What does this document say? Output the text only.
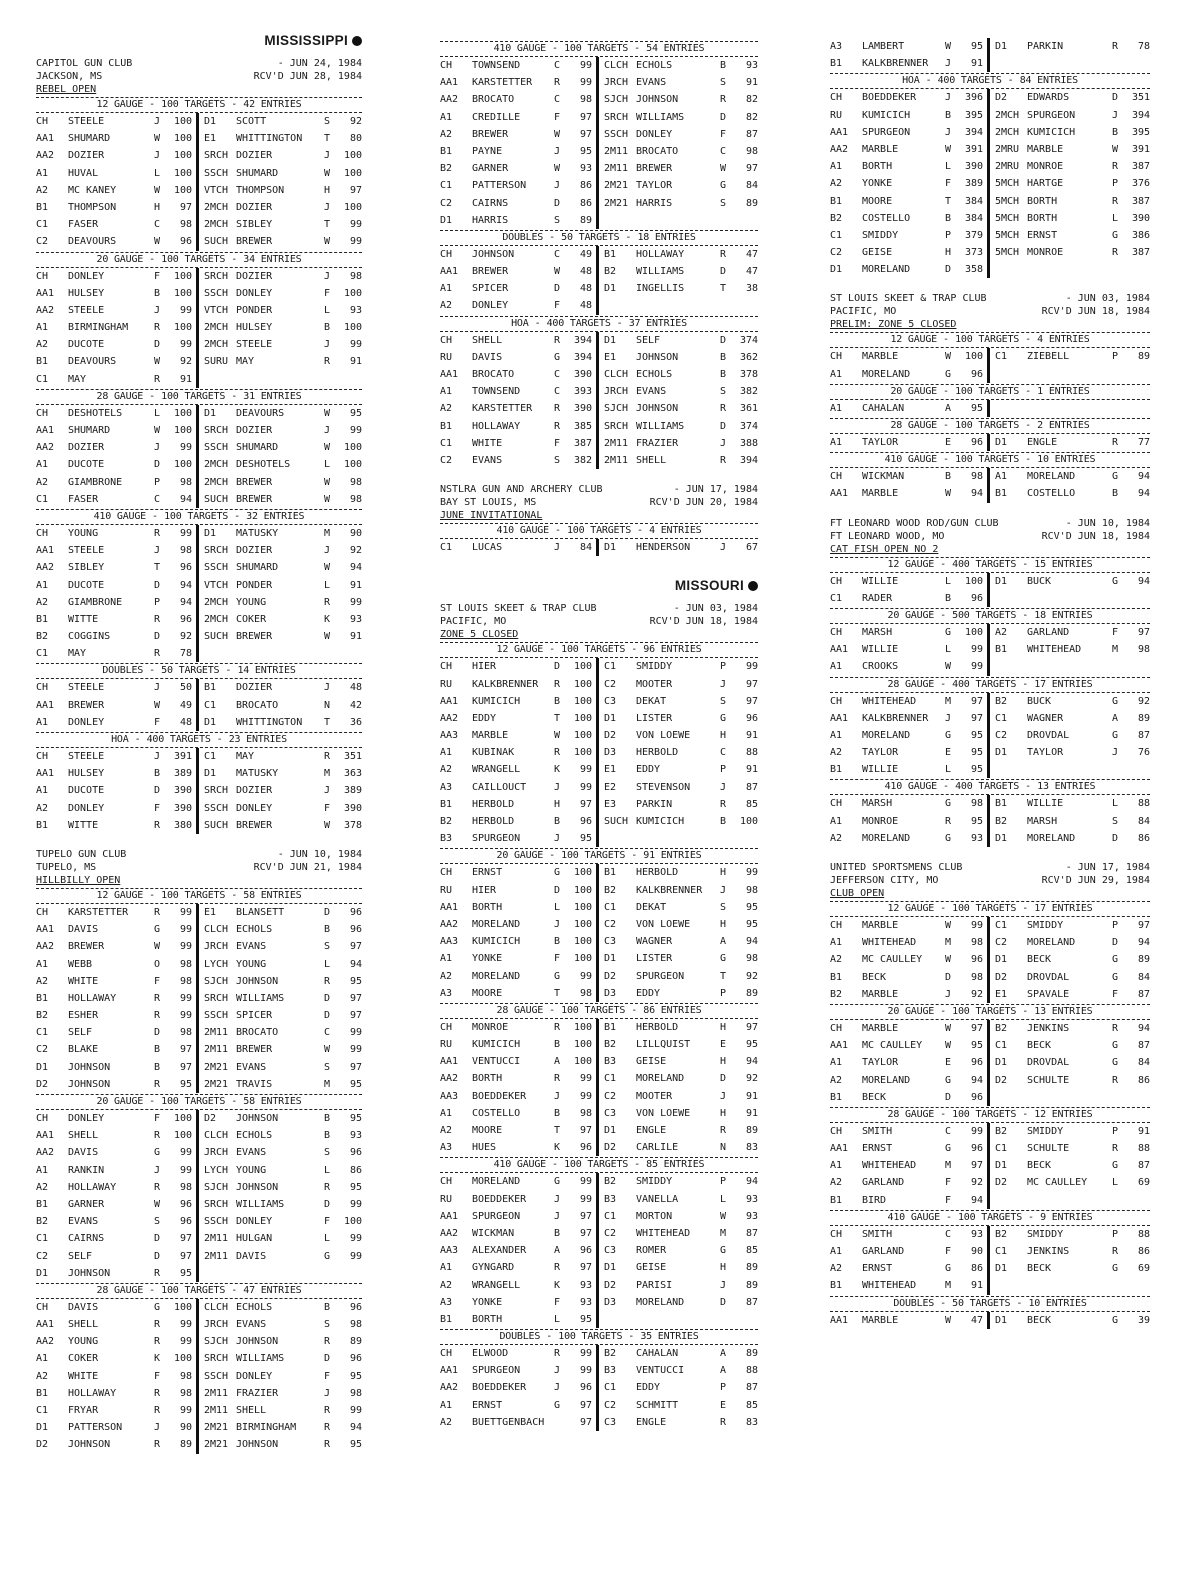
MISSISSIPPI
CAPITOL GUN CLUB	- JUN 24, 1984
JACKSON, MS	RCV'D JUN 28, 1984
REBEL OPEN
12 GAUGE - 100 TARGETS - 42 ENTRIES
CH	STEELE	J	100 D1	SCOTT	S	92
AA1	SHUMARD	W	100 E1	WHITTINGTON	T	80
AA2	DOZIER	J	100 SRCH DOZIER	J	100
A1	HUVAL	L	100 SSCH SHUMARD	W	100
A2	MC KANEY	W	100 VTCH THOMPSON	H	97
B1	THOMPSON	H	97 2MCH DOZIER	J	100
C1	FASER	C	98 2MCH SIBLEY	T	99
C2	DEAVOURS	W	96 SUCH BREWER	W	99
20 GAUGE - 100 TARGETS - 34 ENTRIES
CH	DONLEY	F	100 SRCH DOZIER	J	98
AA1	HULSEY	B	100 SSCH DONLEY	F	100
AA2	STEELE	J	99 VTCH PONDER	L	93
A1	BIRMINGHAM	R	100 2MCH HULSEY	B	100
A2	DUCOTE	D	99 2MCH STEELE	J	99
B1	DEAVOURS	W	92 SURU MAY	R	91
C1	MAY	R	91
28 GAUGE - 100 TARGETS - 31 ENTRIES
CH	DESHOTELS	L	100 D1	DEAVOURS	W	95
AA1	SHUMARD	W	100 SRCH DOZIER	J	99
AA2	DOZIER	J	99 SSCH SHUMARD	W	100
A1	DUCOTE	D	100 2MCH DESHOTELS	L	100
A2	GIAMBRONE	P	98 2MCH BREWER	W	98
C1	FASER	C	94 SUCH BREWER	W	98
410 GAUGE - 100 TARGETS - 32 ENTRIES
CH	YOUNG	R	99 D1	MATUSKY	M	90
AA1	STEELE	J	98 SRCH DOZIER	J	92
AA2	SIBLEY	T	96 SSCH SHUMARD	W	94
A1	DUCOTE	D	94 VTCH PONDER	L	91
A2	GIAMBRONE	P	94 2MCH YOUNG	R	99
B1	WITTE	R	96 2MCH COKER	K	93
B2	COGGINS	D	92 SUCH BREWER	W	91
C1	MAY	R	78
DOUBLES - 50 TARGETS - 14 ENTRIES
CH	STEELE	J	50 B1	DOZIER	J	48
AA1	BREWER	W	49 C1	BROCATO	N	42
A1	DONLEY	F	48 D1	WHITTINGTON	T	36
HOA - 400 TARGETS - 23 ENTRIES
CH	STEELE	J	391 C1	MAY	R	351
AA1	HULSEY	B	389 D1	MATUSKY	M	363
A1	DUCOTE	D	390 SRCH DOZIER	J	389
A2	DONLEY	F	390 SSCH DONLEY	F	390
B1	WITTE	R	380 SUCH BREWER	W	378
TUPELO GUN CLUB	- JUN 10, 1984
TUPELO, MS	RCV'D JUN 21, 1984
HILLBILLY OPEN
12 GAUGE - 100 TARGETS - 58 ENTRIES
CH	KARSTETTER	R	99 E1	BLANSETT	D	96
AA1	DAVIS	G	99 CLCH ECHOLS	B	96
AA2	BREWER	W	99 JRCH EVANS	S	97
A1	WEBB	O	98 LYCH YOUNG	L	94
A2	WHITE	F	98 SJCH JOHNSON	R	95
B1	HOLLAWAY	R	99 SRCH WILLIAMS	D	97
B2	ESHER	R	99 SSCH SPICER	D	97
C1	SELF	D	98 2M11 BROCATO	C	99
C2	BLAKE	B	97 2M11 BREWER	W	99
D1	JOHNSON	B	97 2M21 EVANS	S	97
D2	JOHNSON	R	95 2M21 TRAVIS	M	95
20 GAUGE - 100 TARGETS - 58 ENTRIES
CH	DONLEY	F	100 D2	JOHNSON	B	95
AA1	SHELL	R	100 CLCH ECHOLS	B	93
AA2	DAVIS	G	99 JRCH EVANS	S	96
A1	RANKIN	J	99 LYCH YOUNG	L	86
A2	HOLLAWAY	R	98 SJCH JOHNSON	R	95
B1	GARNER	W	96 SRCH WILLIAMS	D	99
B2	EVANS	S	96 SSCH DONLEY	F	100
C1	CAIRNS	D	97 2M11 HULGAN	L	99
C2	SELF	D	97 2M11 DAVIS	G	99
D1	JOHNSON	R	95
28 GAUGE - 100 TARGETS - 47 ENTRIES
CH	DAVIS	G	100 CLCH ECHOLS	B	96
AA1	SHELL	R	99 JRCH EVANS	S	98
AA2	YOUNG	R	99 SJCH JOHNSON	R	89
A1	COKER	K	100 SRCH WILLIAMS	D	96
A2	WHITE	F	98 SSCH DONLEY	F	95
B1	HOLLAWAY	R	98 2M11 FRAZIER	J	98
C1	FRYAR	R	99 2M11 SHELL	R	99
D1	PATTERSON	J	90 2M21 BIRMINGHAM	R	94
D2	JOHNSON	R	89 2M21 JOHNSON	R	95
410 GAUGE - 100 TARGETS - 54 ENTRIES
CH	TOWNSEND	C	99 CLCH ECHOLS	B	93
AA1	KARSTETTER	R	99 JRCH EVANS	S	91
AA2	BROCATO	C	98 SJCH JOHNSON	R	82
A1	CREDILLE	F	97 SRCH WILLIAMS	D	82
A2	BREWER	W	97 SSCH DONLEY	F	87
B1	PAYNE	J	95 2M11 BROCATO	C	98
B2	GARNER	W	93 2M11 BREWER	W	97
C1	PATTERSON	J	86 2M21 TAYLOR	G	84
C2	CAIRNS	D	86 2M21 HARRIS	S	89
D1	HARRIS	S	89
DOUBLES - 50 TARGETS - 18 ENTRIES
CH	JOHNSON	C	49 B1	HOLLAWAY	R	47
AA1	BREWER	W	48 B2	WILLIAMS	D	47
A1	SPICER	D	48 D1	INGELLIS	T	38
A2	DONLEY	F	48
HOA - 400 TARGETS - 37 ENTRIES
CH	SHELL	R	394 D1	SELF	D	374
RU	DAVIS	G	394 E1	JOHNSON	B	362
AA1	BROCATO	C	390 CLCH ECHOLS	B	378
A1	TOWNSEND	C	393 JRCH EVANS	S	382
A2	KARSTETTER	R	390 SJCH JOHNSON	R	361
B1	HOLLAWAY	R	385 SRCH WILLIAMS	D	374
C1	WHITE	F	387 2M11 FRAZIER	J	388
C2	EVANS	S	382 2M11 SHELL	R	394
NSTLRA GUN AND ARCHERY CLUB	- JUN 17, 1984
BAY ST LOUIS, MS	RCV'D JUN 20, 1984
JUNE INVITATIONAL
410 GAUGE - 100 TARGETS - 4 ENTRIES
C1	LUCAS	J	84 D1	HENDERSON	J	67
MISSOURI
ST LOUIS SKEET & TRAP CLUB	- JUN 03, 1984
PACIFIC, MO	RCV'D JUN 18, 1984
ZONE 5 CLOSED
12 GAUGE - 100 TARGETS - 96 ENTRIES
CH	HIER	D	100 C1	SMIDDY	P	99
RU	KALKBRENNER	R	100 C2	MOOTER	J	97
AA1	KUMICICH	B	100 C3	DEKAT	S	97
AA2	EDDY	T	100 D1	LISTER	G	96
AA3	MARBLE	W	100 D2	VON LOEWE	H	91
A1	KUBINAK	R	100 D3	HERBOLD	C	88
A2	WRANGELL	K	99 E1	EDDY	P	91
A3	CAILLOUCT	J	99 E2	STEVENSON	J	87
B1	HERBOLD	H	97 E3	PARKIN	R	85
B2	HERBOLD	B	96 SUCH KUMICICH	B	100
B3	SPURGEON	J	95
20 GAUGE - 100 TARGETS - 91 ENTRIES
CH	ERNST	G	100 B1	HERBOLD	H	99
RU	HIER	D	100 B2	KALKBRENNER	J	98
AA1	BORTH	L	100 C1	DEKAT	S	95
AA2	MORELAND	J	100 C2	VON LOEWE	H	95
AA3	KUMICICH	B	100 C3	WAGNER	A	94
A1	YONKE	F	100 D1	LISTER	G	98
A2	MORELAND	G	99 D2	SPURGEON	T	92
A3	MOORE	T	98 D3	EDDY	P	89
28 GAUGE - 100 TARGETS - 86 ENTRIES
CH	MONROE	R	100 B1	HERBOLD	H	97
RU	KUMICICH	B	100 B2	LILLQUIST	E	95
AA1	VENTUCCI	A	100 B3	GEISE	H	94
AA2	BORTH	R	99 C1	MORELAND	D	92
AA3	BOEDDEKER	J	99 C2	MOOTER	J	91
A1	COSTELLO	B	98 C3	VON LOEWE	H	91
A2	MOORE	T	97 D1	ENGLE	R	89
A3	HUES	K	96 D2	CARLILE	N	83
410 GAUGE - 100 TARGETS - 85 ENTRIES
CH	MORELAND	G	99 B2	SMIDDY	P	94
RU	BOEDDEKER	J	99 B3	VANELLA	L	93
AA1	SPURGEON	J	97 C1	MORTON	W	93
AA2	WICKMAN	B	97 C2	WHITEHEAD	M	87
AA3	ALEXANDER	A	96 C3	ROMER	G	85
A1	GYNGARD	R	97 D1	GEISE	H	89
A2	WRANGELL	K	93 D2	PARISI	J	89
A3	YONKE	F	93 D3	MORELAND	D	87
B1	BORTH	L	95
DOUBLES - 100 TARGETS - 35 ENTRIES
CH	ELWOOD	R	99 B2	CAHALAN	A	89
AA1	SPURGEON	J	99 B3	VENTUCCI	A	88
AA2	BOEDDEKER	J	96 C1	EDDY	P	87
A1	ERNST	G	97 C2	SCHMITT	E	85
A2	BUETTGENBACH	97 C3	ENGLE	R	83
A3	LAMBERT	W	95 D1	PARKIN	R	78
B1	KALKBRENNER	J	91
HOA - 400 TARGETS - 84 ENTRIES
CH	BOEDDEKER	J	396 D2	EDWARDS	D	351
RU	KUMICICH	B	395 2MCH SPURGEON	J	394
AA1	SPURGEON	J	394 2MCH KUMICICH	B	395
AA2	MARBLE	W	391 2MRU MARBLE	W	391
A1	BORTH	L	390 2MRU MONROE	R	387
A2	YONKE	F	389 5MCH HARTGE	P	376
B1	MOORE	T	384 5MCH BORTH	R	387
B2	COSTELLO	B	384 5MCH BORTH	L	390
C1	SMIDDY	P	379 5MCH ERNST	G	386
C2	GEISE	H	373 5MCH MONROE	R	387
D1	MORELAND	D	358
ST LOUIS SKEET & TRAP CLUB	- JUN 03, 1984
PACIFIC, MO	RCV'D JUN 18, 1984
PRELIM: ZONE 5 CLOSED
12 GAUGE - 100 TARGETS - 4 ENTRIES
CH	MARBLE	W	100 C1	ZIEBELL	P	89
A1	MORELAND	G	96
20 GAUGE - 100 TARGETS - 1 ENTRIES
A1	CAHALAN	A	95
28 GAUGE - 100 TARGETS - 2 ENTRIES
A1	TAYLOR	E	96 D1	ENGLE	R	77
410 GAUGE - 100 TARGETS - 10 ENTRIES
CH	WICKMAN	B	98 A1	MORELAND	G	94
AA1	MARBLE	W	94 B1	COSTELLO	B	94
FT LEONARD WOOD ROD/GUN CLUB	- JUN 10, 1984
FT LEONARD WOOD, MO	RCV'D JUN 18, 1984
CAT FISH OPEN NO 2
12 GAUGE - 400 TARGETS - 15 ENTRIES
CH	WILLIE	L	100 D1	BUCK	G	94
C1	RADER	B	96
20 GAUGE - 500 TARGETS - 18 ENTRIES
CH	MARSH	G	100 A2	GARLAND	F	97
AA1	WILLIE	L	99 B1	WHITEHEAD	M	98
A1	CROOKS	W	99
28 GAUGE - 400 TARGETS - 17 ENTRIES
CH	WHITEHEAD	M	97 B2	BUCK	G	92
AA1	KALKBRENNER	J	97 C1	WAGNER	A	89
A1	MORELAND	G	95 C2	DROVDAL	G	87
A2	TAYLOR	E	95 D1	TAYLOR	J	76
B1	WILLIE	L	95
410 GAUGE - 400 TARGETS - 13 ENTRIES
CH	MARSH	G	98 B1	WILLIE	L	88
A1	MONROE	R	95 B2	MARSH	S	84
A2	MORELAND	G	93 D1	MORELAND	D	86
UNITED SPORTSMENS CLUB	- JUN 17, 1984
JEFFERSON CITY, MO	RCV'D JUN 29, 1984
CLUB OPEN
12 GAUGE - 100 TARGETS - 17 ENTRIES
CH	MARBLE	W	99 C1	SMIDDY	P	97
A1	WHITEHEAD	M	98 C2	MORELAND	D	94
A2	MC CAULLEY	W	96 D1	BECK	G	89
B1	BECK	D	98 D2	DROVDAL	G	84
B2	MARBLE	J	92 E1	SPAVALE	F	87
20 GAUGE - 100 TARGETS - 13 ENTRIES
CH	MARBLE	W	97 B2	JENKINS	R	94
AA1	MC CAULLEY	W	95 C1	BECK	G	87
A1	TAYLOR	E	96 D1	DROVDAL	G	84
A2	MORELAND	G	94 D2	SCHULTE	R	86
B1	BECK	D	96
28 GAUGE - 100 TARGETS - 12 ENTRIES
CH	SMITH	C	99 B2	SMIDDY	P	91
AA1	ERNST	G	96 C1	SCHULTE	R	88
A1	WHITEHEAD	M	97 D1	BECK	G	87
A2	GARLAND	F	92 D2	MC CAULLEY	L	69
B1	BIRD	F	94
410 GAUGE - 100 TARGETS - 9 ENTRIES
CH	SMITH	C	93 B2	SMIDDY	P	88
A1	GARLAND	F	90 C1	JENKINS	R	86
A2	ERNST	G	86 D1	BECK	G	69
B1	WHITEHEAD	M	91
DOUBLES - 50 TARGETS - 10 ENTRIES
AA1	MARBLE	W	47 D1	BECK	G	39
